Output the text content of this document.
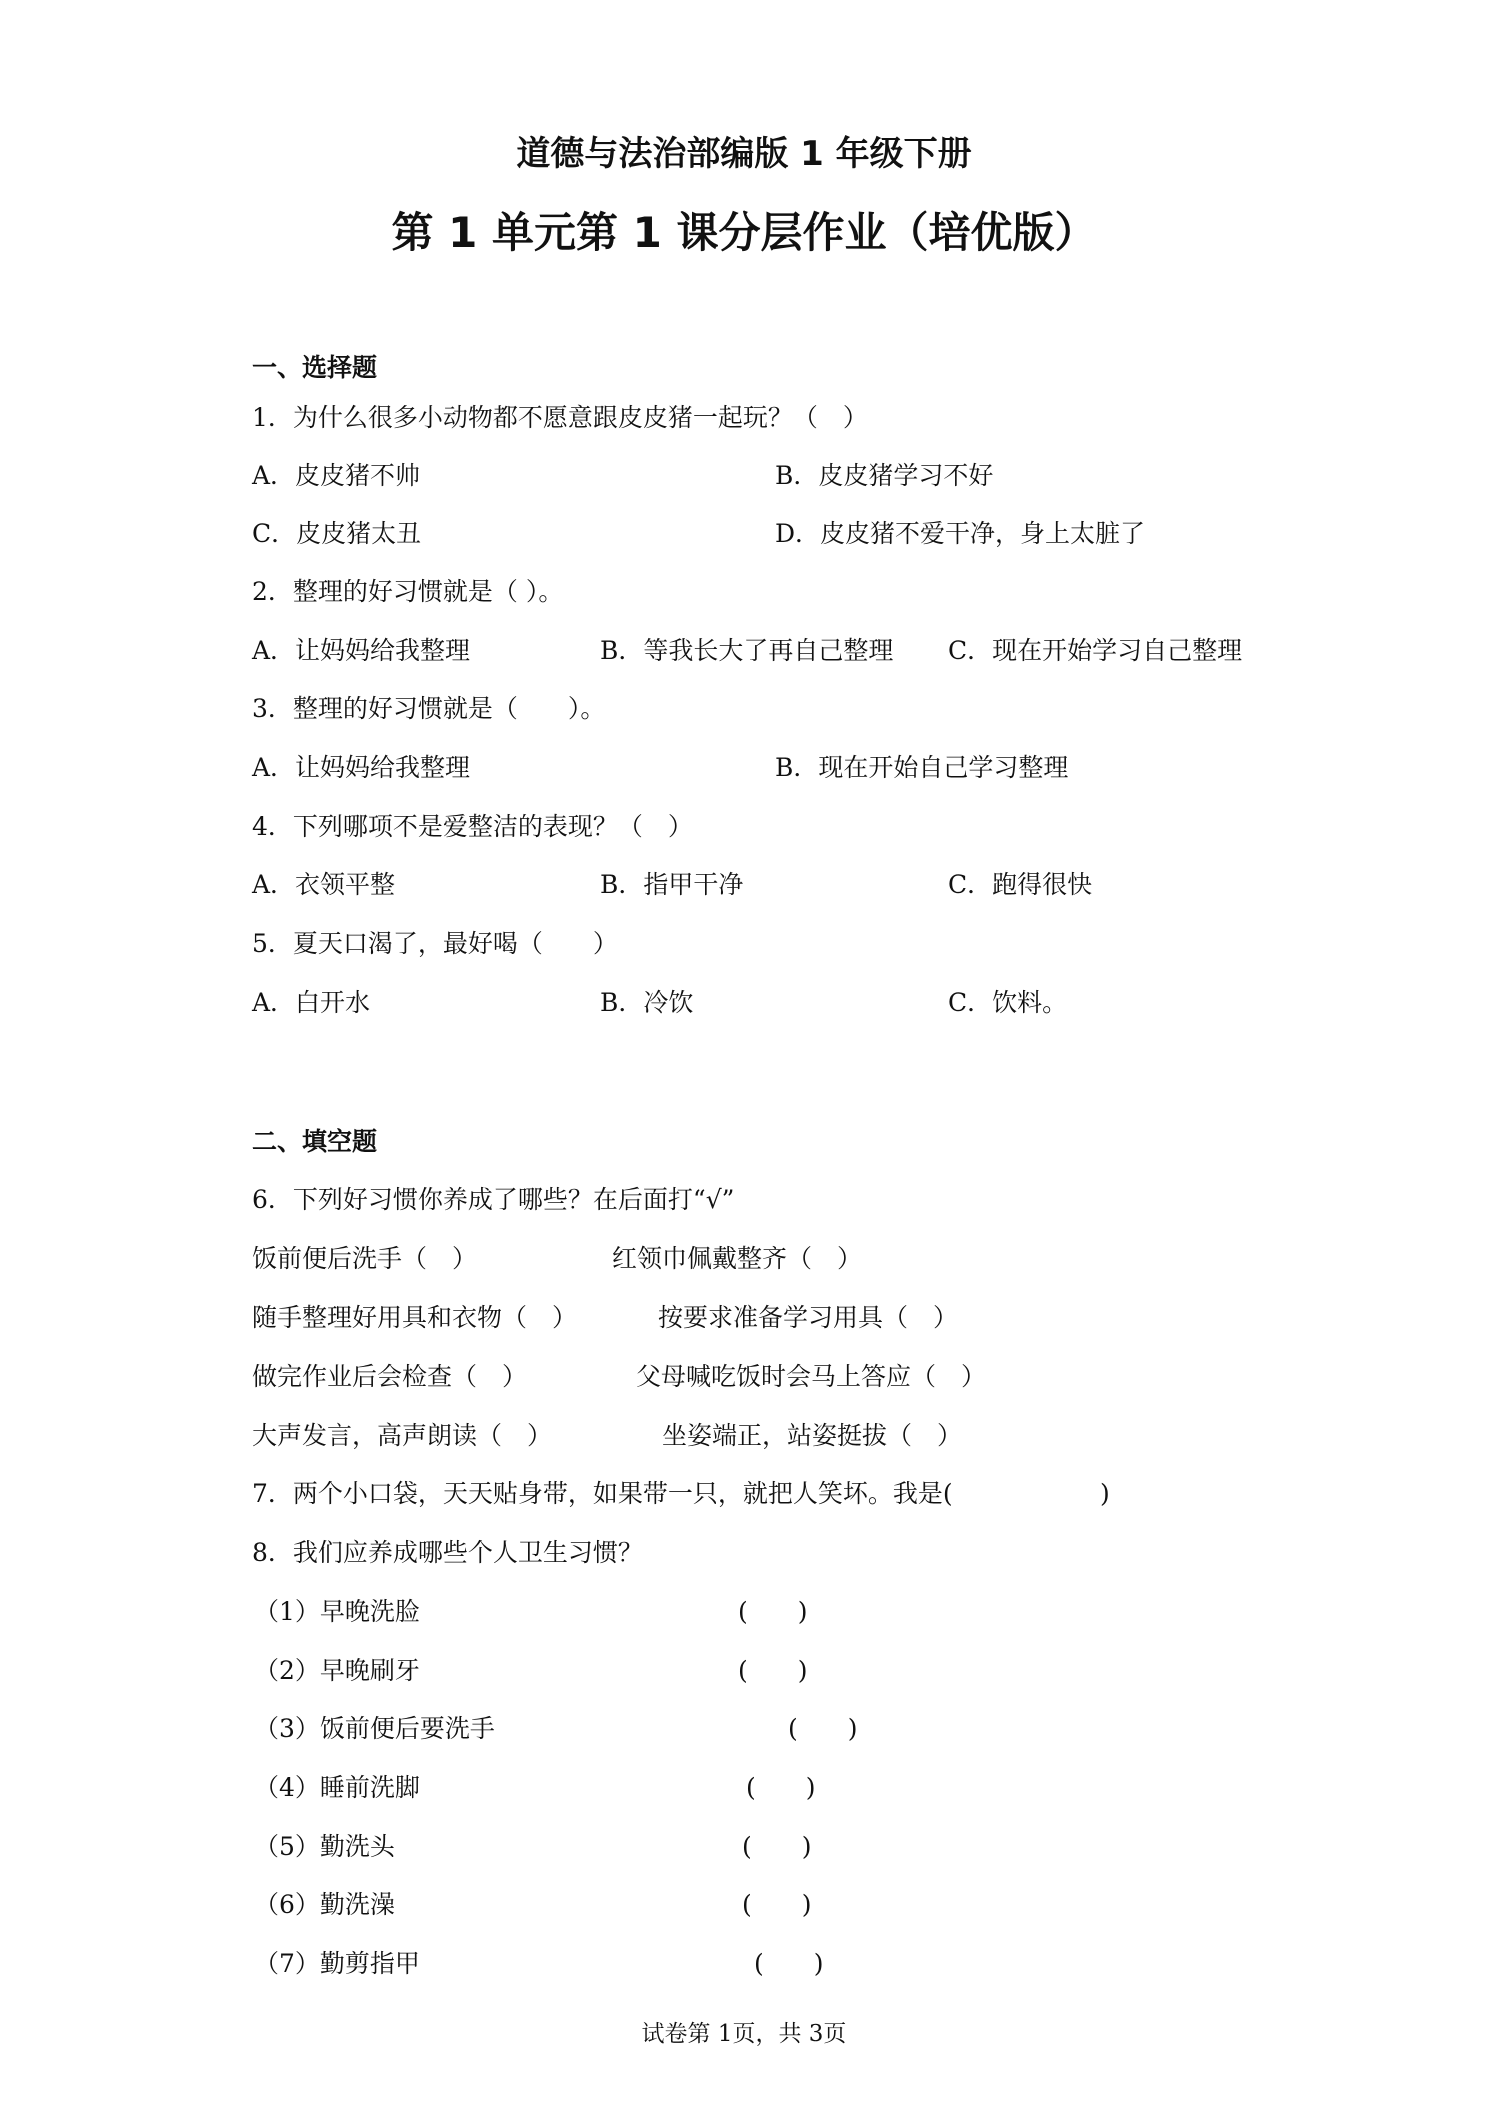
道德与法治部编版 1 年级下册
第 1 单元第 1 课分层作业（培优版）
一、选择题
1．为什么很多小动物都不愿意跟皮皮猪一起玩？（　）
A．皮皮猪不帅	B．皮皮猪学习不好
C．皮皮猪太丑	D．皮皮猪不爱干净，身上太脏了
2．整理的好习惯就是（ ）。
A．让妈妈给我整理	B．等我长大了再自己整理 C．现在开始学习自己整理
3．整理的好习惯就是（　　）。
A．让妈妈给我整理	B．现在开始自己学习整理
4．下列哪项不是爱整洁的表现？（　）
A．衣领平整	B．指甲干净	C．跑得很快
5．夏天口渴了，最好喝（　　）
A．白开水	B．冷饮	C．饮料。
二、填空题
6．下列好习惯你养成了哪些？在后面打“√”
饭前便后洗手（　）	红领巾佩戴整齐（　）
随手整理好用具和衣物（　）	按要求准备学习用具（　）
做完作业后会检查（　）	父母喊吃饭时会马上答应（　）
大声发言，高声朗读（　）	坐姿端正，站姿挺拔（　）
7．两个小口袋，天天贴身带，如果带一只，就把人笑坏。我是(	)
8．我们应养成哪些个人卫生习惯？
（1）早晚洗脸	(　　)
（2）早晚刷牙	(　　)
（3）饭前便后要洗手	(　　)
（4）睡前洗脚	(　　)
（5）勤洗头	(　　)
（6）勤洗澡	(　　)
（7）勤剪指甲	(　　)
试卷第 1页，共 3页
